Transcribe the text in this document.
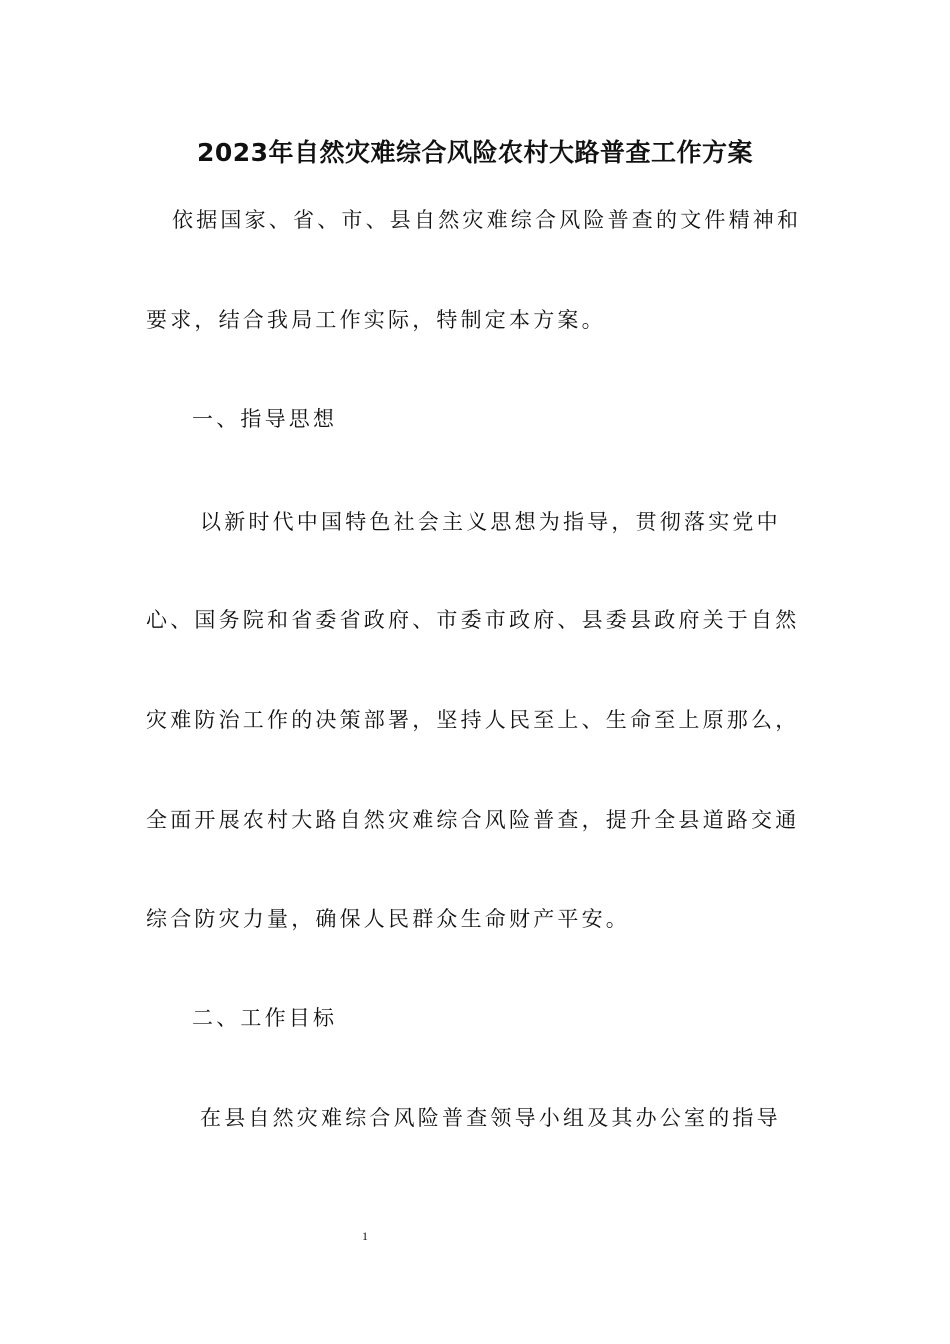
2023年自然灾难综合风险农村大路普查工作方案

依据国家、省、市、县自然灾难综合风险普查的文件精神和

要求，结合我局工作实际，特制定本方案。

一、指导思想

以新时代中国特色社会主义思想为指导，贯彻落实党中

心、国务院和省委省政府、市委市政府、县委县政府关于自然

灾难防治工作的决策部署，坚持人民至上、生命至上原那么，

全面开展农村大路自然灾难综合风险普查，提升全县道路交通

综合防灾力量，确保人民群众生命财产平安。

二、工作目标

在县自然灾难综合风险普查领导小组及其办公室的指导

1
